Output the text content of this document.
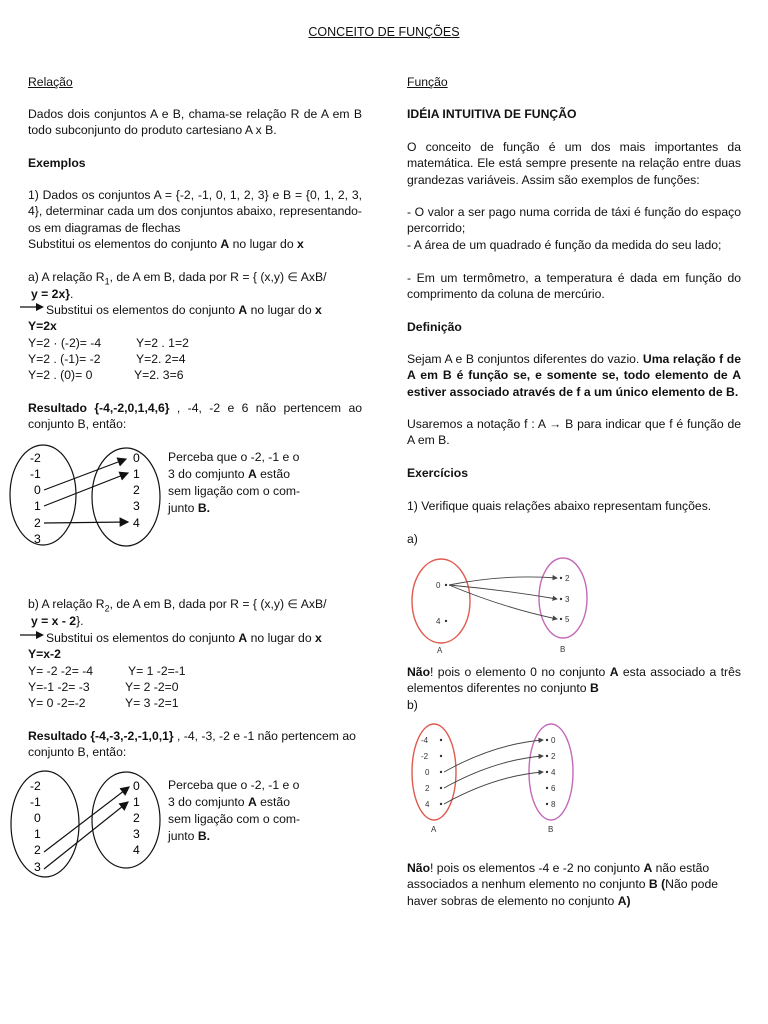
CONCEITO DE FUNÇÕES
Relação

Dados dois conjuntos A e B, chama-se relação R de A em B todo subconjunto do produto cartesiano A x B.

Exemplos

1) Dados os conjuntos A = {-2, -1, 0, 1, 2, 3} e B = {0, 1, 2, 3, 4}, determinar cada um dos conjuntos abaixo, representando-os em diagramas de flechas

Substitui os elementos do conjunto A no lugar do x
a) A relação $R_1$, de A em B, dada por R = { (x,y) ∈ AxB/
y = 2x}.
Substitui os elementos do conjunto A no lugar do x
Y=2x
Y=2 · (-2)= -4
Y=2 . (-1)= -2
Y=2 . (0)= 0
Y=2 . 1=2
Y=2. 2=4
Y=2. 3=6

Resultado {-4,-2,0,1,4,6} , -4, -2 e 6 não pertencem ao conjunto B, então:

-2
-1
0
1
2
3
0
1
2
3
4
Perceba que o -2, -1 e o
3 do comjunto A estão
sem ligação com o com-
junto B.
b) A relação $R_2$, de A em B, dada por R = { (x,y) ∈ AxB/
y = x - 2}.
Substitui os elementos do conjunto A no lugar do x
Y=x-2
Y= -2 -2= -4
Y=-1 -2= -3
Y= 0 -2=-2
Y= 1 -2=-1
Y= 2 -2=0
Y= 3 -2=1

Resultado {-4,-3,-2,-1,0,1} , -4, -3, -2 e -1 não pertencem ao conjunto B, então:

-2
-1
0
1
2
3
0
1
2
3
4
Perceba que o -2, -1 e o
3 do comjunto A estão
sem ligação com o com-
junto B.
Função
IDÉIA INTUITIVA DE FUNÇÃO

O conceito de função é um dos mais importantes da matemática. Ele está sempre presente na relação entre duas grandezas variáveis. Assim são exemplos de funções:

- O valor a ser pago numa corrida de táxi é função do espaço percorrido;

- A área de um quadrado é função da medida do seu lado;

- Em um termômetro, a temperatura é dada em função do comprimento da coluna de mercúrio.

Definição

Sejam A e B conjuntos diferentes do vazio. Uma relação f de A em B é função se, e somente se, todo elemento de A estiver associado através de f a um único elemento de B.

Usaremos a notação f : A → B para indicar que f é função de A em B.

Exercícios
1) Verifique quais relações abaixo representam funções.
a)
0
4
2
3
5
A	B

Não! pois o elemento 0 no conjunto A esta associado a três elementos diferentes no conjunto B

b)
-4
-2
0
2
4
0
2
4
6
8
A	B

Não! pois os elementos -4 e -2 no conjunto A não estão associados a nenhum elemento no conjunto B (Não pode haver sobras de elemento no conjunto A)
